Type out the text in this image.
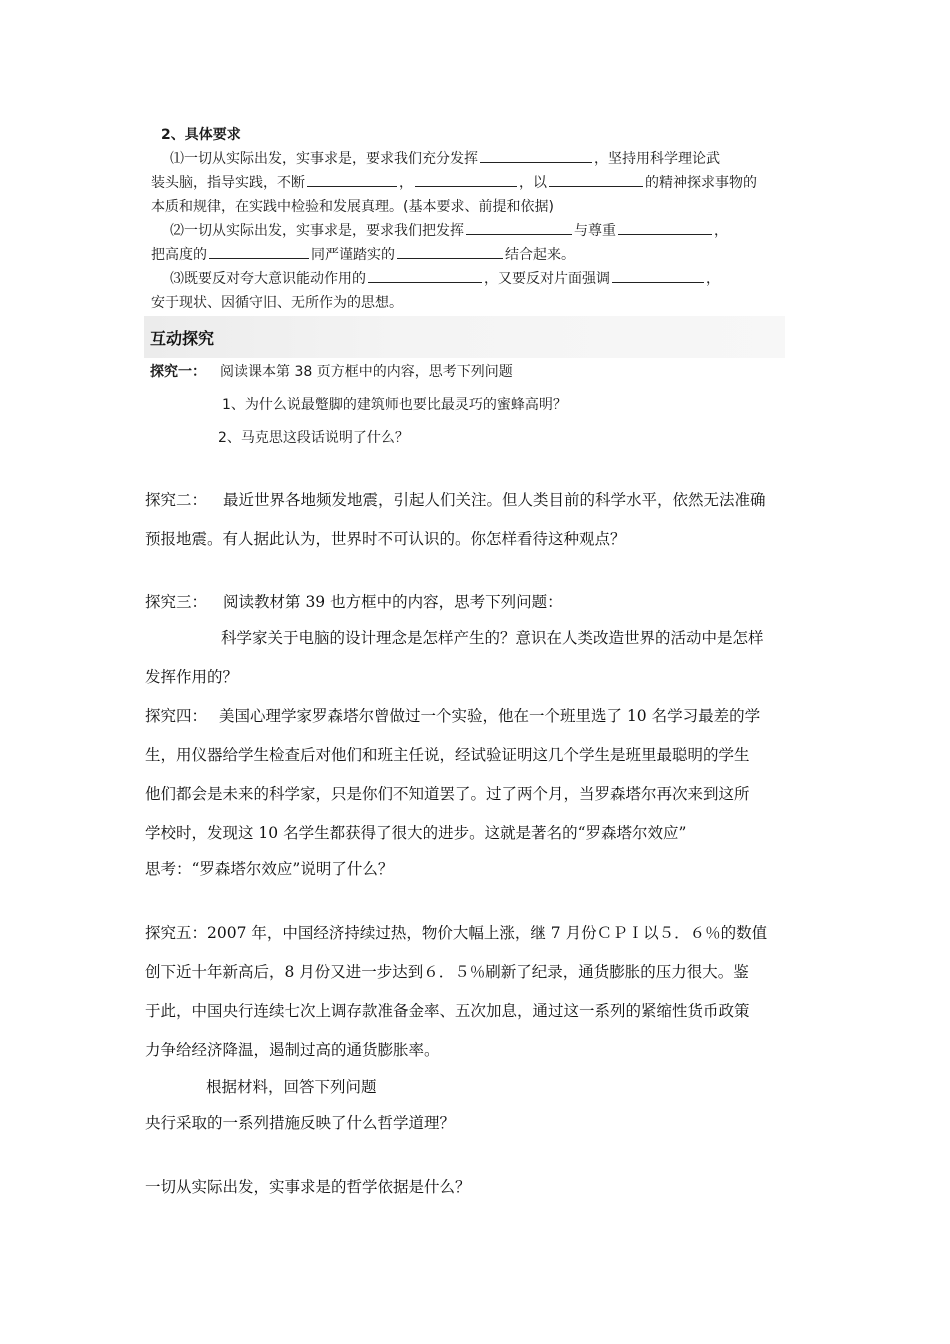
2、具体要求
⑴一切从实际出发，实事求是，要求我们充分发挥	，坚持用科学理论武
装头脑，指导实践，不断	，	，以	的精神探求事物的
本质和规律，在实践中检验和发展真理。(基本要求、前提和依据)
⑵一切从实际出发，实事求是，要求我们把发挥	与尊重	，
把高度的	同严谨踏实的	结合起来。
⑶既要反对夸大意识能动作用的	，又要反对片面强调	，
安于现状、因循守旧、无所作为的思想。
互动探究
探究一： 阅读课本第 38 页方框中的内容，思考下列问题
1、为什么说最蹩脚的建筑师也要比最灵巧的蜜蜂高明？
2、马克思这段话说明了什么？
探究二： 最近世界各地频发地震，引起人们关注。但人类目前的科学水平，依然无法准确
预报地震。有人据此认为，世界时不可认识的。你怎样看待这种观点？
探究三： 阅读教材第 39 也方框中的内容，思考下列问题：
科学家关于电脑的设计理念是怎样产生的？意识在人类改造世界的活动中是怎样
发挥作用的？
探究四： 美国心理学家罗森塔尔曾做过一个实验，他在一个班里选了 10 名学习最差的学
生，用仪器给学生检查后对他们和班主任说，经试验证明这几个学生是班里最聪明的学生
他们都会是未来的科学家，只是你们不知道罢了。过了两个月，当罗森塔尔再次来到这所
学校时，发现这 10 名学生都获得了很大的进步。这就是著名的“罗森塔尔效应”
思考：“罗森塔尔效应”说明了什么？
探究五：2007 年，中国经济持续过热，物价大幅上涨，继 7 月份ＣＰＩ以５．６％的数值
创下近十年新高后，8 月份又进一步达到６．５％刷新了纪录，通货膨胀的压力很大。鉴
于此，中国央行连续七次上调存款准备金率、五次加息，通过这一系列的紧缩性货币政策
力争给经济降温，遏制过高的通货膨胀率。
根据材料，回答下列问题
央行采取的一系列措施反映了什么哲学道理？
一切从实际出发，实事求是的哲学依据是什么？
